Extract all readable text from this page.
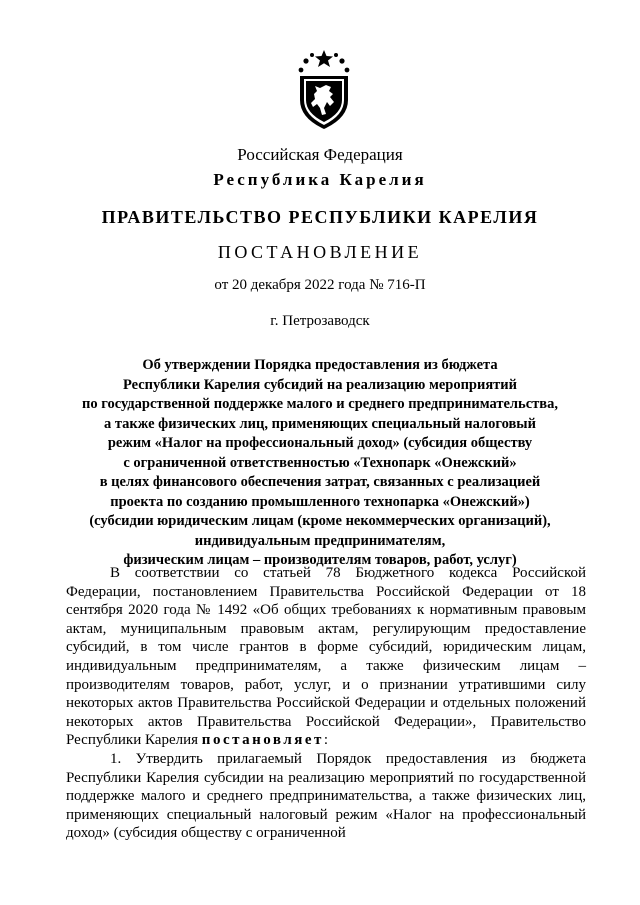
Российская Федерация
Республика Карелия
ПРАВИТЕЛЬСТВО РЕСПУБЛИКИ КАРЕЛИЯ
ПОСТАНОВЛЕНИЕ
от 20 декабря 2022 года № 716-П
г. Петрозаводск
Об утверждении Порядка предоставления из бюджета
Республики Карелия субсидий на реализацию мероприятий
по государственной поддержке малого и среднего предпринимательства,
а также физических лиц, применяющих специальный налоговый
режим «Налог на профессиональный доход» (субсидия обществу
с ограниченной ответственностью «Технопарк «Онежский»
в целях финансового обеспечения затрат, связанных с реализацией
проекта по созданию промышленного технопарка «Онежский»)
(субсидии юридическим лицам (кроме некоммерческих организаций),
индивидуальным предпринимателям,
физическим лицам – производителям товаров, работ, услуг)

В соответствии со статьей 78 Бюджетного кодекса Российской Федерации, постановлением Правительства Российской Федерации от 18 сентября 2020 года № 1492 «Об общих требованиях к нормативным правовым актам, муниципальным правовым актам, регулирующим предоставление субсидий, в том числе грантов в форме субсидий, юридическим лицам, индивидуальным предпринимателям, а также физическим лицам – производителям товаров, работ, услуг, и о признании утратившими силу некоторых актов Правительства Российской Федерации и отдельных положений некоторых актов Правительства Российской Федерации», Правительство Республики Карелия постановляет:

1. Утвердить прилагаемый Порядок предоставления из бюджета Республики Карелия субсидии на реализацию мероприятий по государственной поддержке малого и среднего предпринимательства, а также физических лиц, применяющих специальный налоговый режим «Налог на профессиональный доход» (субсидия обществу с ограниченной
